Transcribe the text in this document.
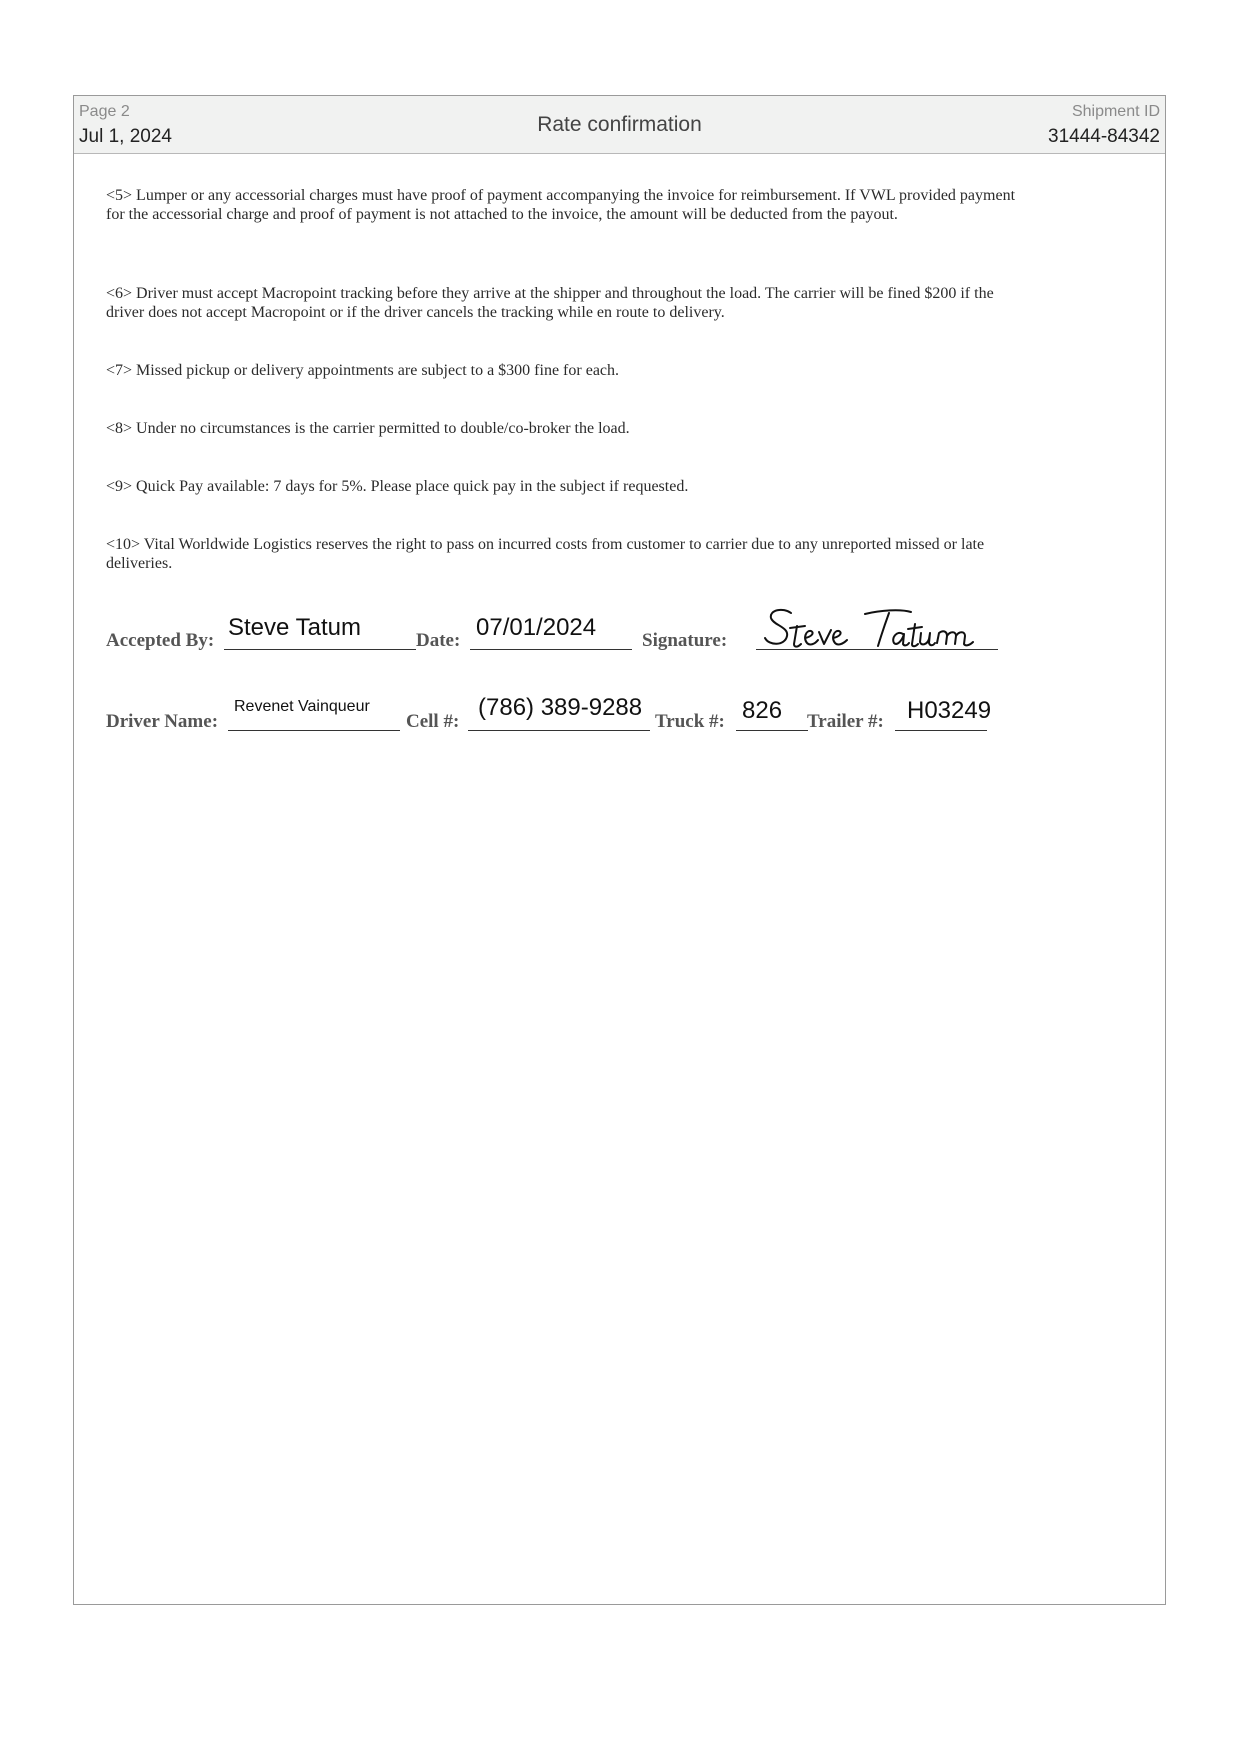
Page 2
Jul 1, 2024
Rate confirmation
Shipment ID
31444-84342

<5> Lumper or any accessorial charges must have proof of payment accompanying the invoice for reimbursement. If VWL provided payment for the accessorial charge and proof of payment is not attached to the invoice, the amount will be deducted from the payout.

<6> Driver must accept Macropoint tracking before they arrive at the shipper and throughout the load. The carrier will be fined $200 if the driver does not accept Macropoint or if the driver cancels the tracking while en route to delivery.

<7> Missed pickup or delivery appointments are subject to a $300 fine for each.

<8> Under no circumstances is the carrier permitted to double/co-broker the load.

<9> Quick Pay available: 7 days for 5%. Please place quick pay in the subject if requested.

<10> Vital Worldwide Logistics reserves the right to pass on incurred costs from customer to carrier due to any unreported missed or late deliveries.

Accepted By: Steve Tatum	Date: 07/01/2024 Signature:
Driver Name:
Revenet Vainqueur
Cell #:
(786) 389-9288
Truck #: 826 Trailer #: H03249
